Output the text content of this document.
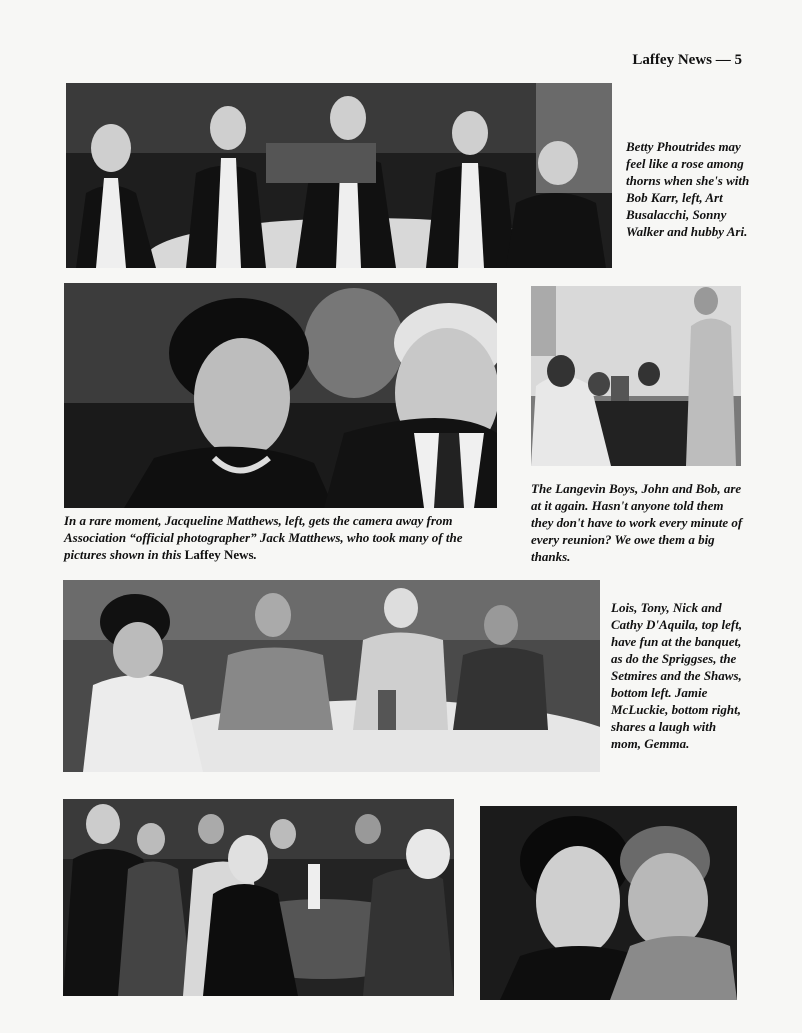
Laffey News — 5
Betty Phoutrides may feel like a rose among thorns when she's with Bob Karr, left, Art Busalacchi, Sonny Walker and hubby Ari.
In a rare moment, Jacqueline Matthews, left, gets the camera away from Association “official photographer” Jack Matthews, who took many of the pictures shown in this Laffey News.
The Langevin Boys, John and Bob, are at it again. Hasn't anyone told them they don't have to work every minute of every reunion? We owe them a big thanks.
Lois, Tony, Nick and Cathy D'Aquila, top left, have fun at the banquet, as do the Spriggses, the Setmires and the Shaws, bottom left. Jamie McLuckie, bottom right, shares a laugh with mom, Gemma.
